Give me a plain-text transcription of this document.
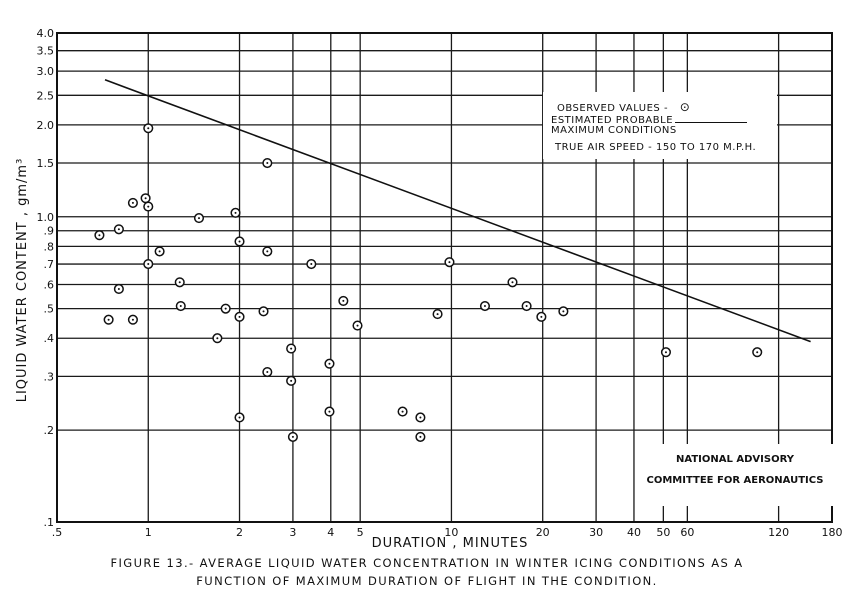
.5	1	2	3	4 5	10	20	30 40 50 60	120	180
.1
.2
.3
.4
.5
.6
.7
.8
.9
1.0
1.5
2.0
2.5
3.0
3.5
4.0
DURATION , MINUTES
LIQUID WATER CONTENT , gm/m³
OBSERVED VALUES - ⊙
ESTIMATED PROBABLE
MAXIMUM CONDITIONS
TRUE AIR SPEED - 150 TO 170 M.P.H.
NATIONAL ADVISORY
COMMITTEE FOR AERONAUTICS
FIGURE 13.- AVERAGE LIQUID WATER CONCENTRATION IN WINTER ICING CONDITIONS AS A
FUNCTION OF MAXIMUM DURATION OF FLIGHT IN THE CONDITION.
